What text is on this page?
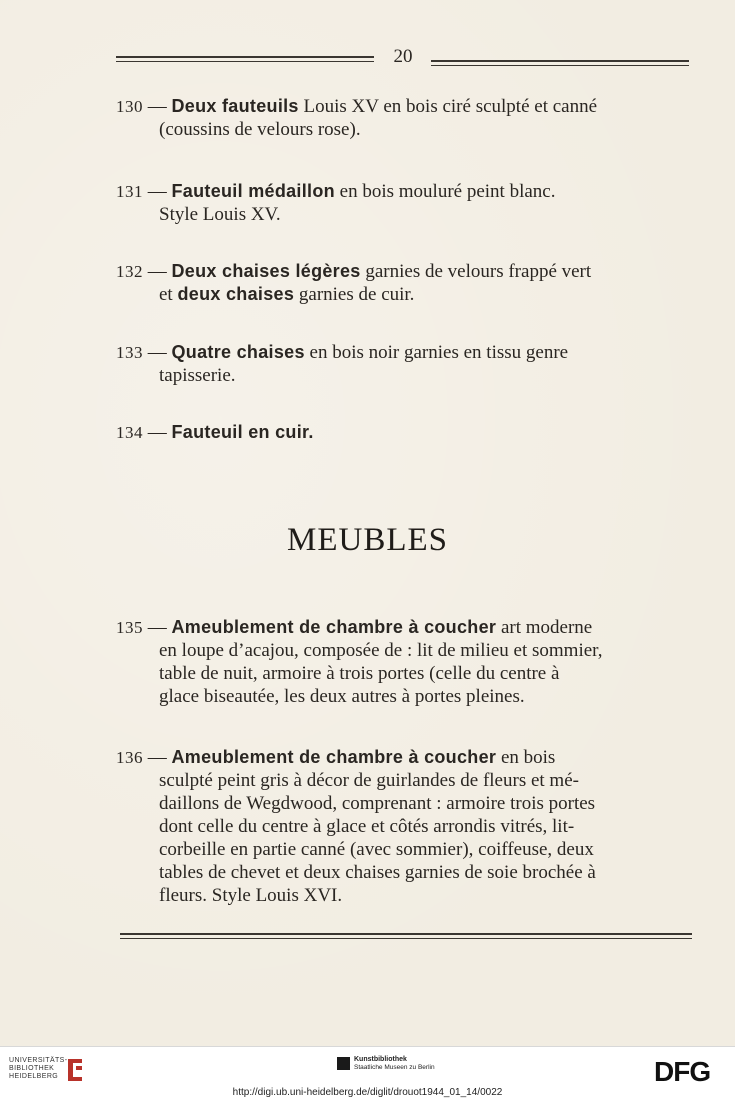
20
130 — Deux fauteuils Louis XV en bois ciré sculpté et canné
(coussins de velours rose).
131 — Fauteuil médaillon en bois mouluré peint blanc.
Style Louis XV.
132 — Deux chaises légères garnies de velours frappé vert
et deux chaises garnies de cuir.
133 — Quatre chaises en bois noir garnies en tissu genre
tapisserie.
134 — Fauteuil en cuir.
MEUBLES
135 — Ameublement de chambre à coucher art moderne
en loupe d’acajou, composée de : lit de milieu et sommier,
table de nuit, armoire à trois portes (celle du centre à
glace biseautée, les deux autres à portes pleines.
136 — Ameublement de chambre à coucher en bois
sculpté peint gris à décor de guirlandes de fleurs et mé-
daillons de Wegdwood, comprenant : armoire trois portes
dont celle du centre à glace et côtés arrondis vitrés, lit-
corbeille en partie canné (avec sommier), coiffeuse, deux
tables de chevet et deux chaises garnies de soie brochée à
fleurs. Style Louis XVI.
UNIVERSITÄTS-
BIBLIOTHEK
HEIDELBERG
Kunstbibliothek
Staatliche Museen zu Berlin	DFG
http://digi.ub.uni-heidelberg.de/diglit/drouot1944_01_14/0022
